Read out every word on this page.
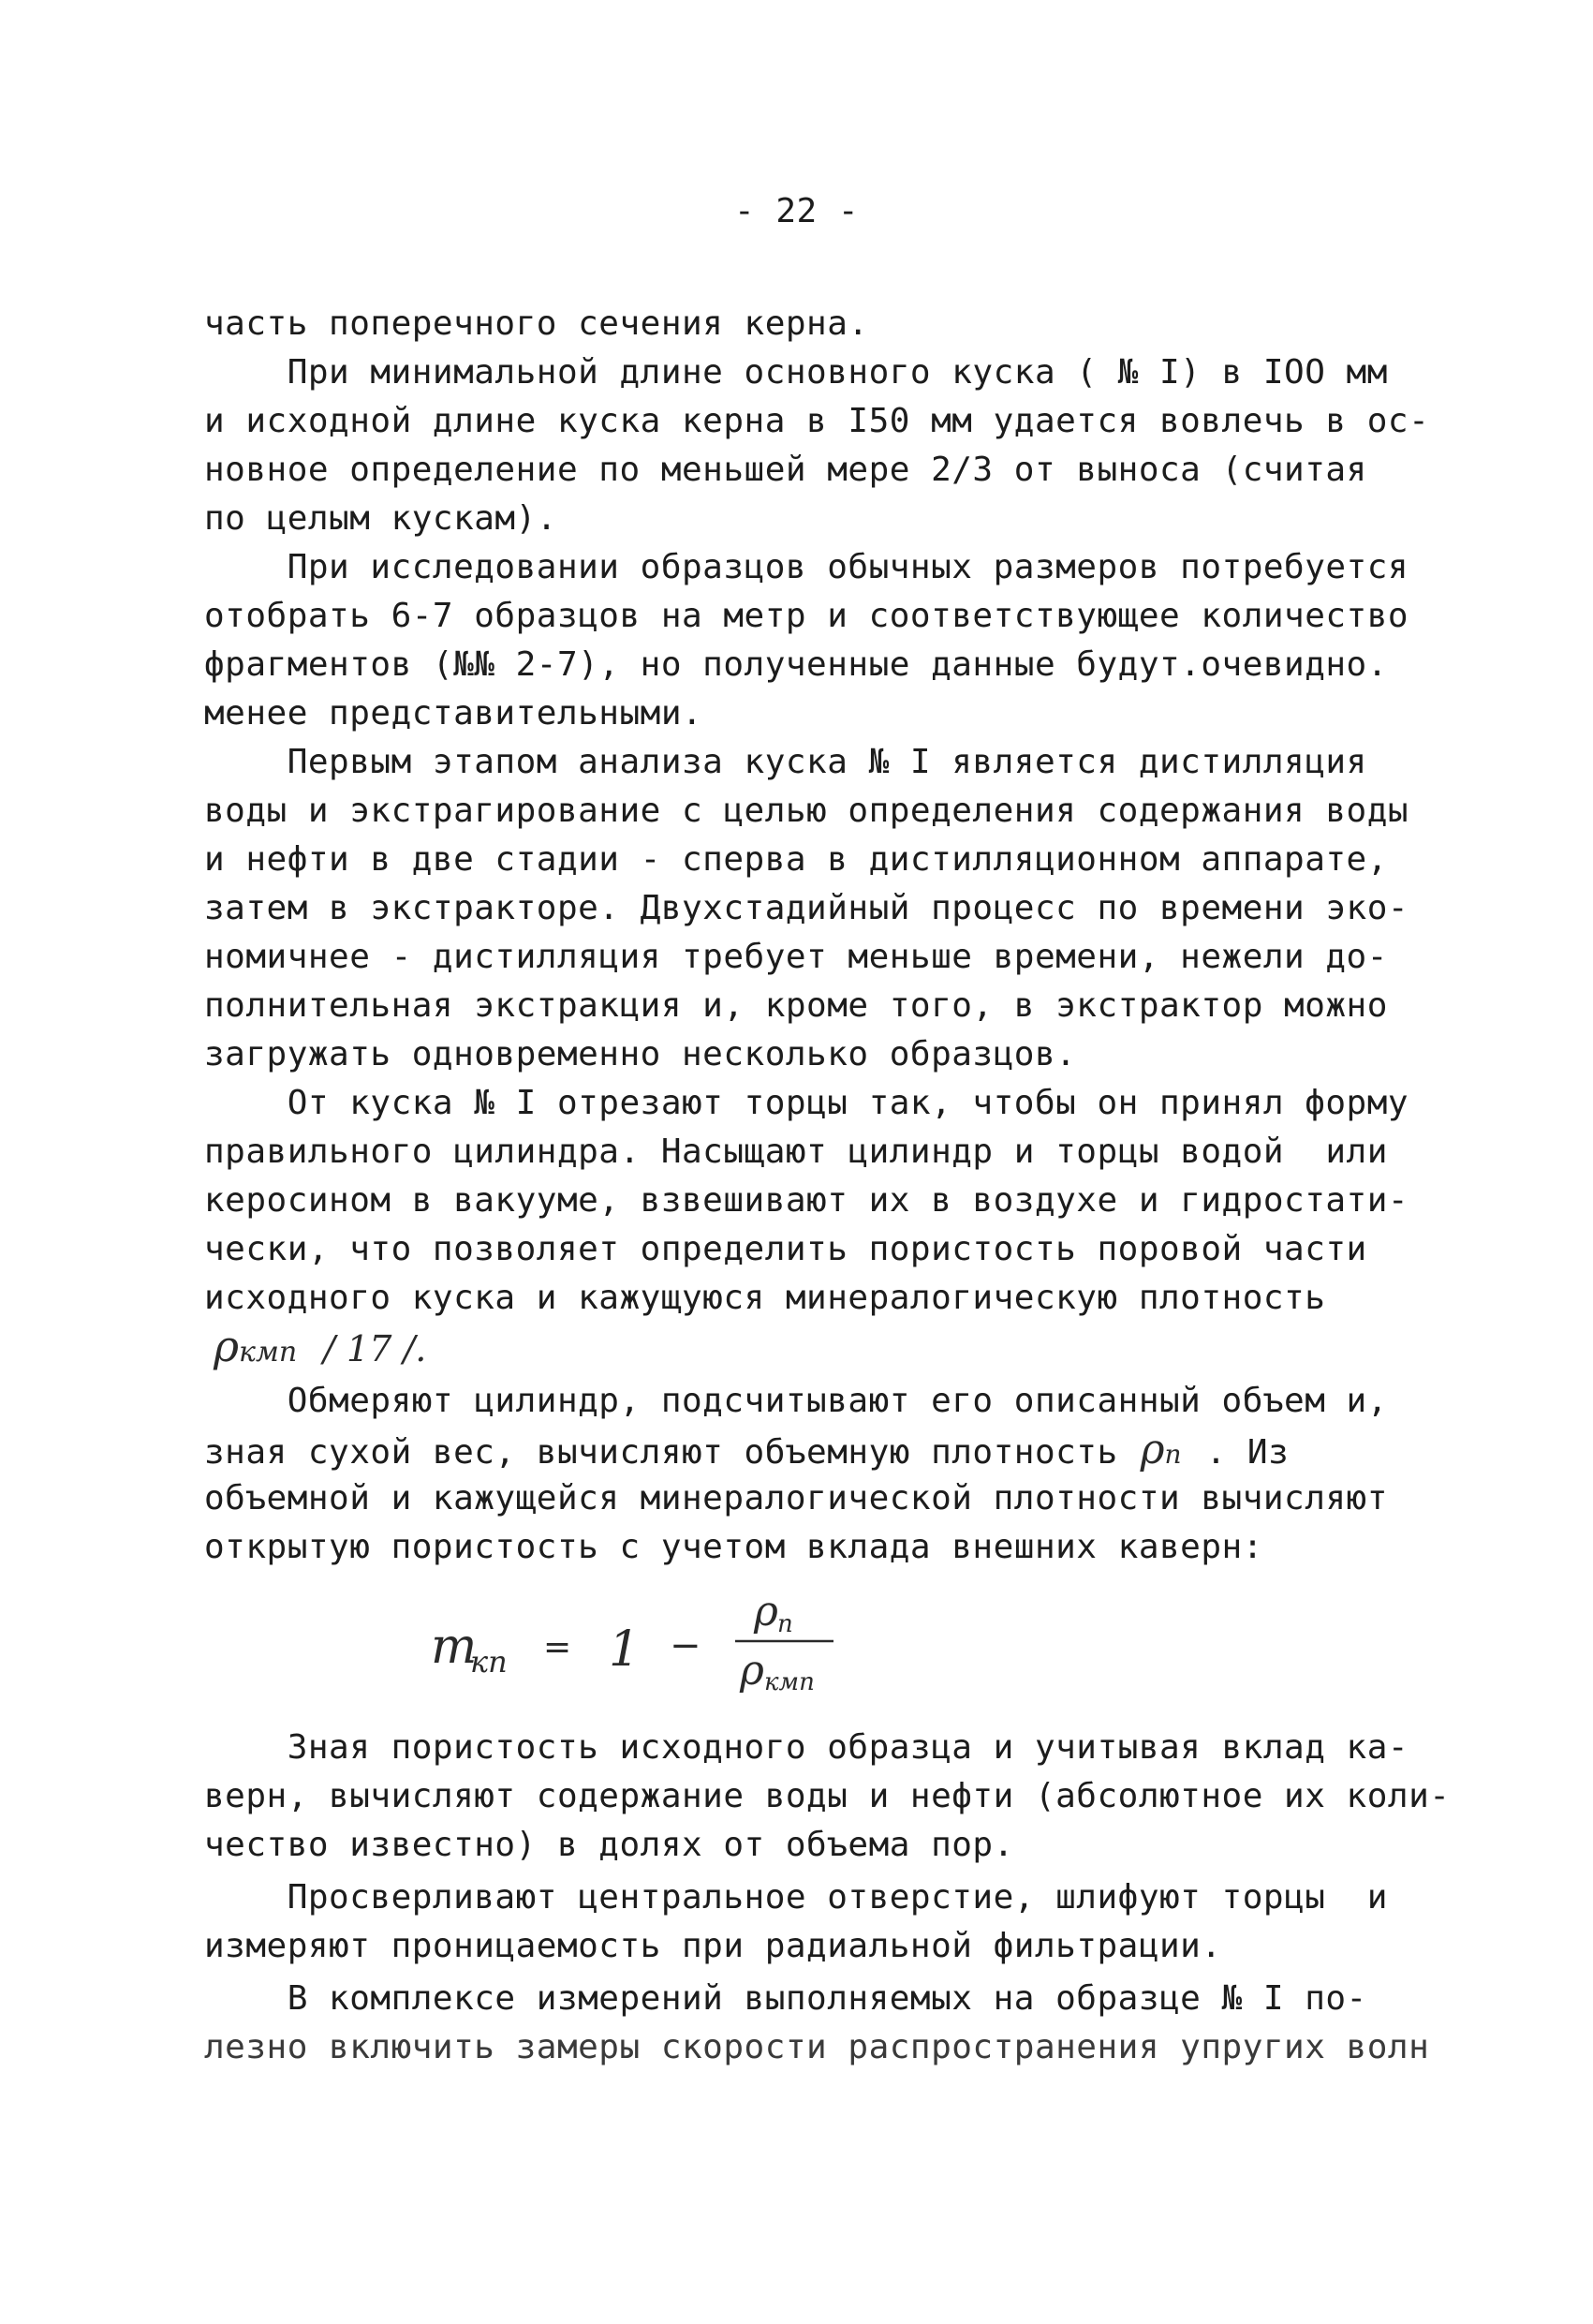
- 22 -
часть поперечного сечения керна.
При минимальной длине основного куска ( № I) в IOO мм
и исходной длине куска керна в I50 мм удается вовлечь в ос-
новное определение по меньшей мере 2/3 от выноса (считая
по целым кускам).
При исследовании образцов обычных размеров потребуется
отобрать 6-7 образцов на метр и соответствующее количество
фрагментов (№№ 2-7), но полученные данные будут.очевидно.
менее представительными.
Первым этапом анализа куска № I является дистилляция
воды и экстрагирование с целью определения содержания воды
и нефти в две стадии - сперва в дистилляционном аппарате,
затем в экстракторе. Двухстадийный процесс по времени эко-
номичнее - дистилляция требует меньше времени, нежели до-
полнительная экстракция и, кроме того, в экстрактор можно
загружать одновременно несколько образцов.
От куска № I отрезают торцы так, чтобы он принял форму
правильного цилиндра. Насыщают цилиндр и торцы водой  или
керосином в вакууме, взвешивают их в воздухе и гидростати-
чески, что позволяет определить пористость поровой части
исходного куска и кажущуюся минералогическую плотность
ρкмп / 17 /.
Обмеряют цилиндр, подсчитывают его описанный объем и,
зная сухой вес, вычисляют объемную плотность ρп . Из
объемной и кажущейся минералогической плотности вычисляют
открытую пористость с учетом вклада внешних каверн:
m
кп = 1 −
ρ п
ρ кмп
Зная пористость исходного образца и учитывая вклад ка-
верн, вычисляют содержание воды и нефти (абсолютное их коли-
чество известно) в долях от объема пор.
Просверливают центральное отверстие, шлифуют торцы  и
измеряют проницаемость при радиальной фильтрации.
В комплексе измерений выполняемых на образце № I по-
лезно включить замеры скорости распространения упругих волн
